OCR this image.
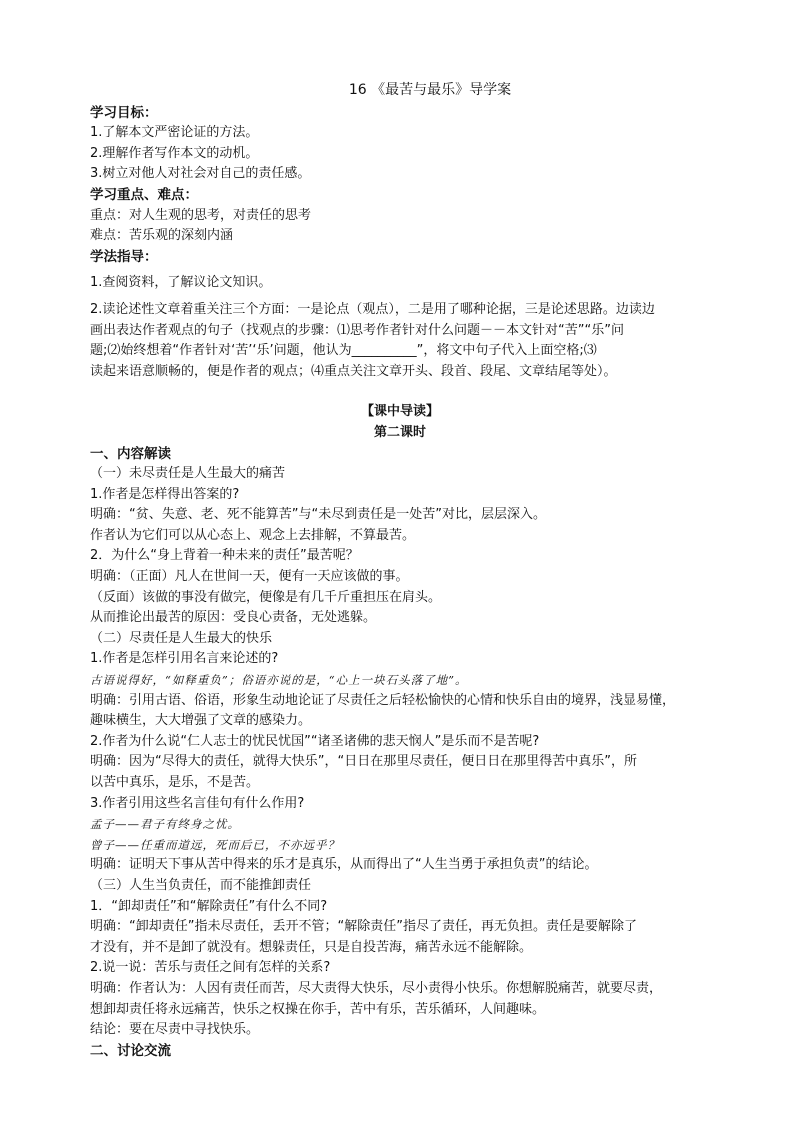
16 《最苦与最乐》导学案
学习目标：
1.了解本文严密论证的方法。
2.理解作者写作本文的动机。
3.树立对他人对社会对自己的责任感。
学习重点、难点：
重点：对人生观的思考，对责任的思考
难点：苦乐观的深刻内涵
学法指导：
1.查阅资料，了解议论文知识。
2.读论述性文章着重关注三个方面：一是论点（观点），二是用了哪种论据，三是论述思路。边读边
画出表达作者观点的句子（找观点的步骤：⑴思考作者针对什么问题－－本文针对“苦”“乐”问
题;⑵始终想着“作者针对‘苦’‘乐’问题，他认为__________”，将文中句子代入上面空格;⑶
读起来语意顺畅的，便是作者的观点；⑷重点关注文章开头、段首、段尾、文章结尾等处）。
【课中导读】
第二课时
一、内容解读
（一）未尽责任是人生最大的痛苦
1.作者是怎样得出答案的?
明确：“贫、失意、老、死不能算苦”与“未尽到责任是一处苦”对比，层层深入。
作者认为它们可以从心态上、观念上去排解，不算最苦。
2．为什么“身上背着一种未来的责任”最苦呢？
明确：（正面）凡人在世间一天，便有一天应该做的事。
（反面）该做的事没有做完，便像是有几千斤重担压在肩头。
从而推论出最苦的原因：受良心责备，无处逃躲。
（二）尽责任是人生最大的快乐
1.作者是怎样引用名言来论述的?
古语说得好，“如释重负”；俗语亦说的是，“心上一块石头落了地”。
明确：引用古语、俗语，形象生动地论证了尽责任之后轻松愉快的心情和快乐自由的境界，浅显易懂，
趣味横生，大大增强了文章的感染力。
2.作者为什么说“仁人志士的忧民忧国”“诸圣诸佛的悲天悯人”是乐而不是苦呢?
明确：因为“尽得大的责任，就得大快乐”，“日日在那里尽责任，便日日在那里得苦中真乐”，所
以苦中真乐，是乐，不是苦。
3.作者引用这些名言佳句有什么作用?
孟子——君子有终身之忧。
曾子——任重而道远，死而后已，不亦远乎？
明确：证明天下事从苦中得来的乐才是真乐，从而得出了“人生当勇于承担负责”的结论。
（三）人生当负责任，而不能推卸责任
1．“卸却责任”和“解除责任”有什么不同?
明确：“卸却责任”指未尽责任，丢开不管；“解除责任”指尽了责任，再无负担。责任是要解除了
才没有，并不是卸了就没有。想躲责任，只是自投苦海，痛苦永远不能解除。
2.说一说：苦乐与责任之间有怎样的关系?
明确：作者认为：人因有责任而苦，尽大责得大快乐，尽小责得小快乐。你想解脱痛苦，就要尽责，
想卸却责任将永远痛苦，快乐之权操在你手，苦中有乐，苦乐循环，人间趣味。
结论：要在尽责中寻找快乐。
二、讨论交流
